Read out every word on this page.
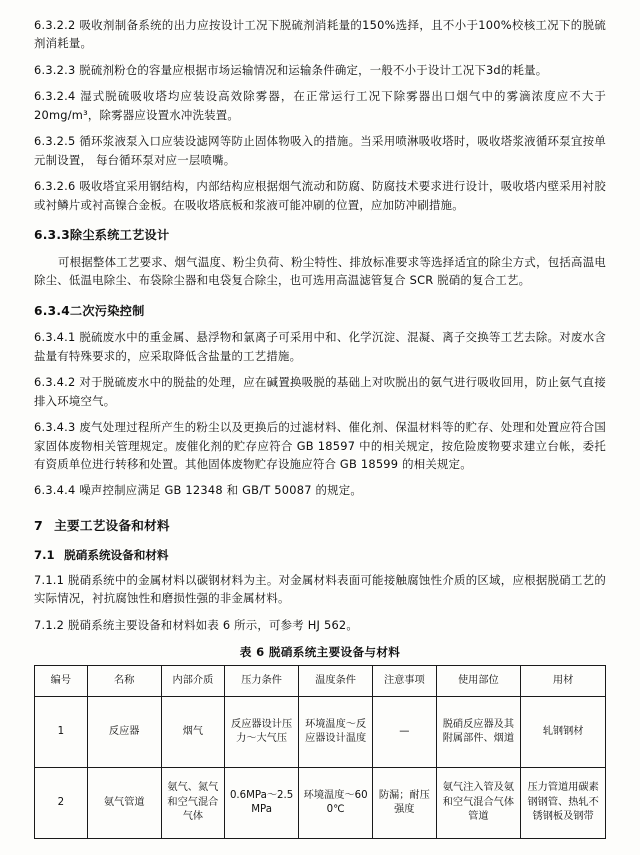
6.3.2.2 吸收剂制备系统的出力应按设计工况下脱硫剂消耗量的150%选择，且不小于100%校核工况下的脱硫剂消耗量。

6.3.2.3 脱硫剂粉仓的容量应根据市场运输情况和运输条件确定，一般不小于设计工况下3d的耗量。

6.3.2.4 湿式脱硫吸收塔均应装设高效除雾器，在正常运行工况下除雾器出口烟气中的雾滴浓度应不大于20mg/m³，除雾器应设置水冲洗装置。

6.3.2.5 循环浆液泵入口应装设滤网等防止固体物吸入的措施。当采用喷淋吸收塔时，吸收塔浆液循环泵宜按单元制设置， 每台循环泵对应一层喷嘴。

6.3.2.6 吸收塔宜采用钢结构，内部结构应根据烟气流动和防腐、防腐技术要求进行设计，吸收塔内壁采用衬胶或衬鳞片或衬高镍合金板。在吸收塔底板和浆液可能冲刷的位置，应加防冲刷措施。

6.3.3除尘系统工艺设计

可根据整体工艺要求、烟气温度、粉尘负荷、粉尘特性、排放标准要求等选择适宜的除尘方式，包括高温电除尘、低温电除尘、布袋除尘器和电袋复合除尘，也可选用高温滤管复合 SCR 脱硝的复合工艺。

6.3.4二次污染控制

6.3.4.1 脱硫废水中的重金属、悬浮物和氯离子可采用中和、化学沉淀、混凝、离子交换等工艺去除。对废水含盐量有特殊要求的，应采取降低含盐量的工艺措施。

6.3.4.2 对于脱硫废水中的脱盐的处理，应在碱置换吸脱的基础上对吹脱出的氨气进行吸收回用，防止氨气直接排入环境空气。

6.3.4.3 废气处理过程所产生的粉尘以及更换后的过滤材料、催化剂、保温材料等的贮存、处理和处置应符合国家固体废物相关管理规定。废催化剂的贮存应符合 GB 18597 中的相关规定，按危险废物要求建立台帐，委托有资质单位进行转移和处置。其他固体废物贮存设施应符合 GB 18599 的相关规定。

6.3.4.4 噪声控制应满足 GB 12348 和 GB/T 50087 的规定。

7 主要工艺设备和材料
7.1 脱硝系统设备和材料

7.1.1 脱硝系统中的金属材料以碳钢材料为主。对金属材料表面可能接触腐蚀性介质的区域，应根据脱硝工艺的实际情况，衬抗腐蚀性和磨损性强的非金属材料。

7.1.2 脱硝系统主要设备和材料如表 6 所示，可参考 HJ 562。

表 6 脱硝系统主要设备与材料
编号	名称	内部介质	压力条件	温度条件	注意事项	使用部位	用材
1	反应器	烟气	反应器设计压力～大气压	环境温度～反应器设计温度	—	脱硝反应器及其附属部件、烟道	轧钢钢材
2	氨气管道	氨气、氮气和空气混合气体	0.6MPa～2.5MPa	环境温度～600℃	防漏；耐压强度	氨气注入管及氨和空气混合气体管道	压力管道用碳素钢钢管、热轧不锈钢板及钢带
